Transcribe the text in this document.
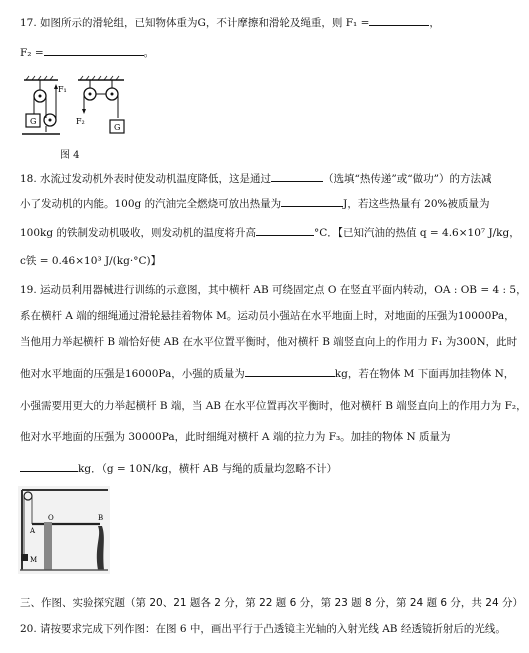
17. 如图所示的滑轮组，已知物体重为G，不计摩擦和滑轮及绳重，则 F₁ =	，
F₂ =	。
F₁
G	F₂
G
图 4
18. 水流过发动机外表时使发动机温度降低，这是通过	（选填“热传递”或“做功”）的方法减
小了发动机的内能。100g 的汽油完全燃烧可放出热量为	J，若这些热量有 20%被质量为
100kg 的铁制发动机吸收，则发动机的温度将升高	°C．【已知汽油的热值 q = 4.6×10⁷ J/kg，
c铁 = 0.46×10³ J/(kg·°C)】
19. 运动员利用器械进行训练的示意图，其中横杆 AB 可绕固定点 O 在竖直平面内转动，OA : OB = 4 : 5，
系在横杆 A 端的细绳通过滑轮悬挂着物体 M。运动员小强站在水平地面上时，对地面的压强为10000Pa，
当他用力举起横杆 B 端恰好使 AB 在水平位置平衡时，他对横杆 B 端竖直向上的作用力 F₁ 为300N，此时
他对水平地面的压强是16000Pa，小强的质量为	kg，若在物体 M 下面再加挂物体 N，
小强需要用更大的力举起横杆 B 端，当 AB 在水平位置再次平衡时，他对横杆 B 端竖直向上的作用力为 F₂，
他对水平地面的压强为 30000Pa，此时细绳对横杆 A 端的拉力为 F₃。加挂的物体 N 质量为
kg．（g = 10N/kg，横杆 AB 与绳的质量均忽略不计）
A
O	B
M
三、作图、实验探究题（第 20、21 题各 2 分，第 22 题 6 分，第 23 题 8 分，第 24 题 6 分，共 24 分）
20. 请按要求完成下列作图：在图 6 中，画出平行于凸透镜主光轴的入射光线 AB 经透镜折射后的光线。
